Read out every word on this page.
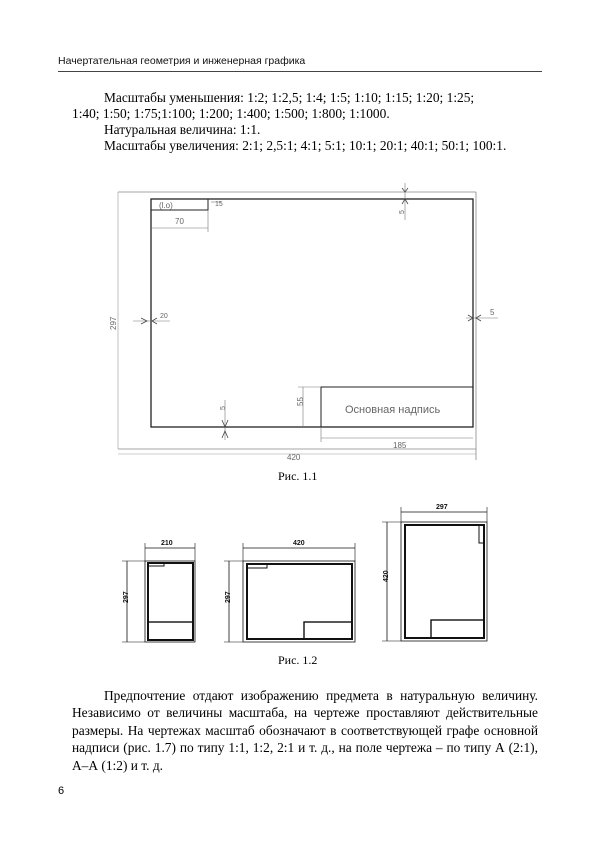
Начертательная геометрия и инженерная графика
Масштабы уменьшения: 1:2; 1:2,5; 1:4; 1:5; 1:10; 1:15; 1:20; 1:25;
1:40; 1:50; 1:75;1:100; 1:200; 1:400; 1:500; 1:800; 1:1000.
Натуральная величина: 1:1.
Масштабы увеличения: 2:1; 2,5:1; 4:1; 5:1; 10:1; 20:1; 40:1; 50:1; 100:1.
(l.o)
70
15
5
5
297
20
5
55
420
185
Основная надпись
210
297
420
297
297
420
Рис. 1.1
Рис. 1.2
Предпочтение отдают изображению предмета в натуральную величину. Независимо от величины масштаба, на чертеже проставляют действительные размеры. На чертежах масштаб обозначают в соответствующей графе основной надписи (рис. 1.7) по типу 1:1, 1:2, 2:1 и т. д., на поле чертежа – по типу А (2:1), А–А (1:2) и т. д.
6
